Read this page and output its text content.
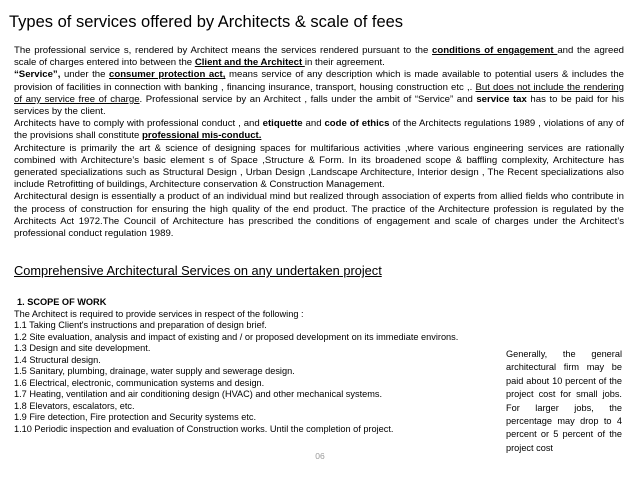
Types of services offered by Architects & scale of fees

The professional service s, rendered by Architect means the services rendered pursuant to the conditions of engagement and the agreed scale of charges entered into between the Client and the Architect in their agreement.

“Service”, under the consumer protection act, means service of any description which is made available to potential users & includes the provision of facilities in connection with banking , financing insurance, transport, housing construction etc ,. But does not include the rendering of any service free of charge. Professional service by an Architect , falls under the ambit of “Service” and service tax has to be paid for his services by the client.

Architects have to comply with professional conduct , and etiquette and code of ethics of the Architects regulations 1989 , violations of any of the provisions shall constitute professional mis-conduct.

Architecture is primarily the art & science of designing spaces for multifarious activities ,where various engineering services are rationally combined with Architecture’s basic element s of Space ,Structure & Form. In its broadened scope & baffling complexity, Architecture has generated specializations such as Structural Design , Urban Design ,Landscape Architecture, Interior design , The Recent specializations also include Retrofitting of buildings, Architecture conservation & Construction Management.

Architectural design is essentially a product of an individual mind but realized through association of experts from allied fields who contribute in the process of construction for ensuring the high quality of the end product. The practice of the Architecture profession is regulated by the Architects Act 1972.The Council of Architecture has prescribed the conditions of engagement and scale of charges under the Architect’s professional conduct regulation 1989.

Comprehensive Architectural Services on any undertaken project
1. SCOPE OF WORK
The Architect is required to provide services in respect of the following :
1.1 Taking Client's instructions and preparation of design brief.
1.2 Site evaluation, analysis and impact of existing and / or proposed development on its immediate environs.
1.3 Design and site development.
1.4 Structural design.
1.5 Sanitary, plumbing, drainage, water supply and sewerage design.
1.6 Electrical, electronic, communication systems and design.
1.7 Heating, ventilation and air conditioning design (HVAC) and other mechanical systems.
1.8 Elevators, escalators, etc.
1.9 Fire detection, Fire protection and Security systems etc.
1.10 Periodic inspection and evaluation of Construction works. Until the completion of project.
Generally, the general architectural firm may be paid about 10 percent of the project cost for small jobs. For larger jobs, the percentage may drop to 4 percent or 5 percent of the project cost
06
